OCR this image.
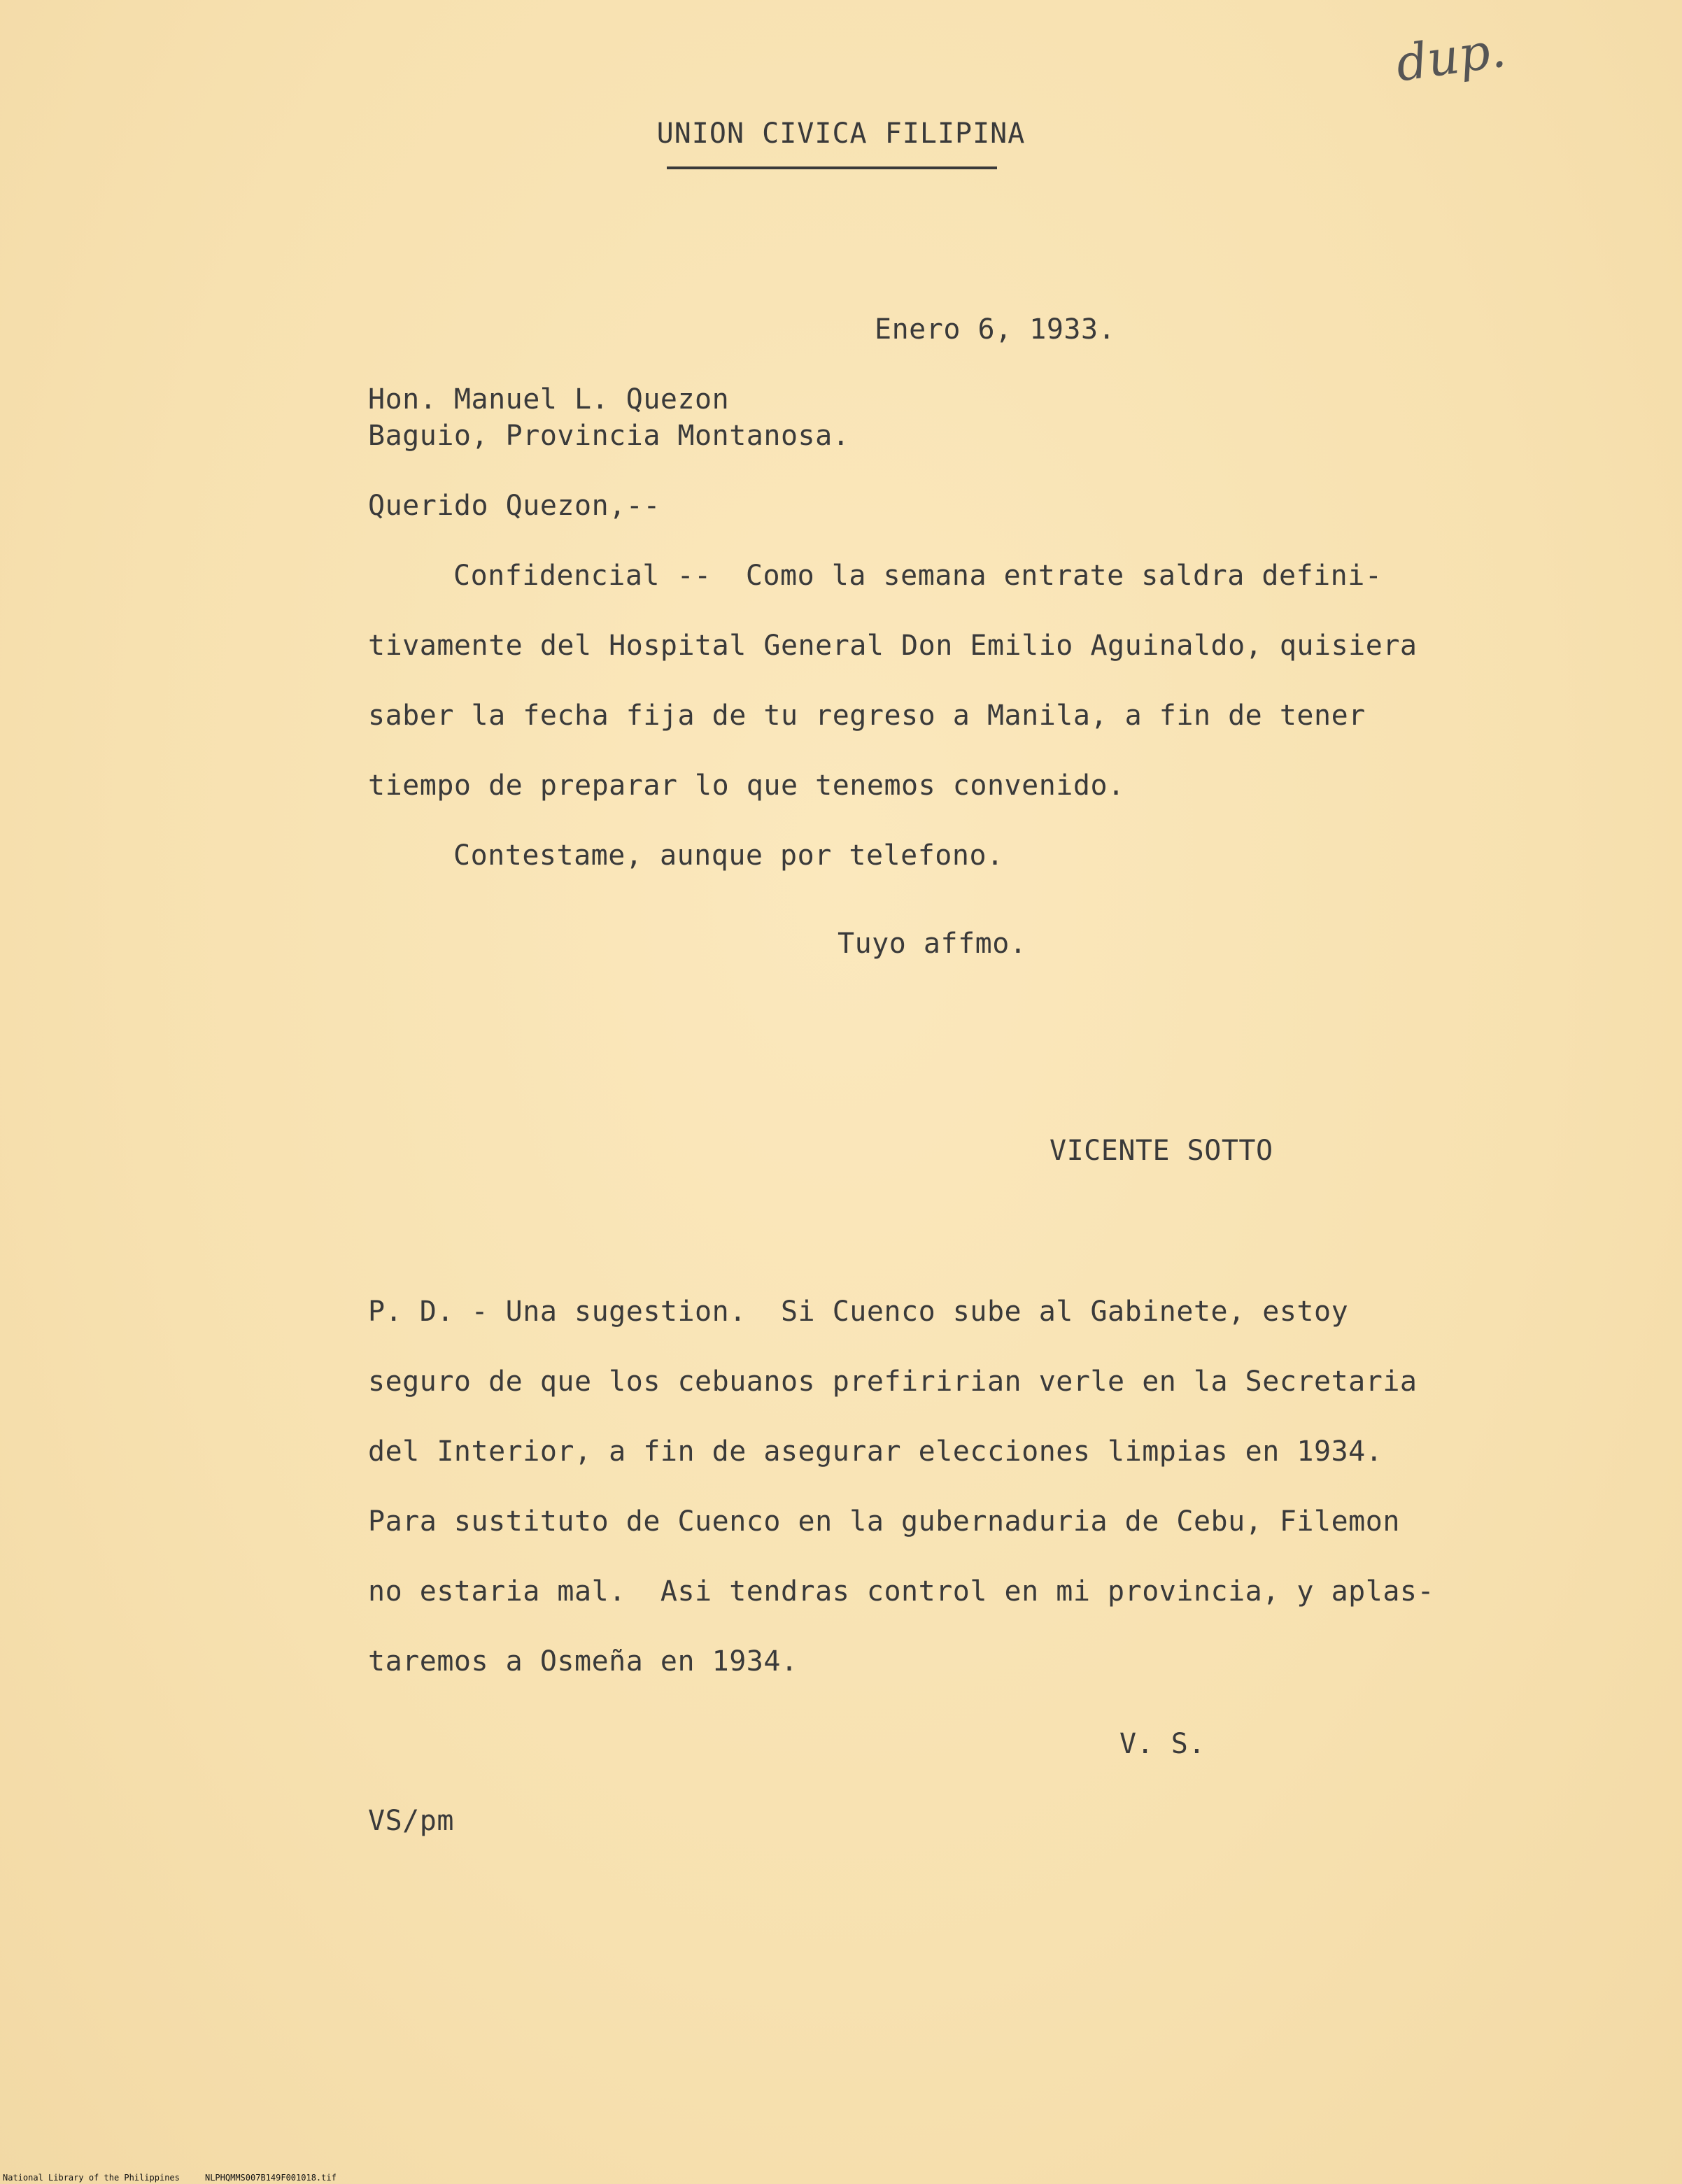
dup.
UNION CIVICA FILIPINA
Enero 6, 1933.
Hon. Manuel L. Quezon
Baguio, Provincia Montanosa.
Querido Quezon,--
Confidencial --  Como la semana entrate saldra defini-
tivamente del Hospital General Don Emilio Aguinaldo, quisiera
saber la fecha fija de tu regreso a Manila, a fin de tener
tiempo de preparar lo que tenemos convenido.
Contestame, aunque por telefono.
Tuyo affmo.
VICENTE SOTTO
P. D. - Una sugestion.  Si Cuenco sube al Gabinete, estoy
seguro de que los cebuanos prefiririan verle en la Secretaria
del Interior, a fin de asegurar elecciones limpias en 1934.
Para sustituto de Cuenco en la gubernaduria de Cebu, Filemon
no estaria mal.  Asi tendras control en mi provincia, y aplas-
taremos a Osmeña en 1934.
V. S.
VS/pm
National Library of the Philippines     NLPHQMMS007B149F001018.tif
